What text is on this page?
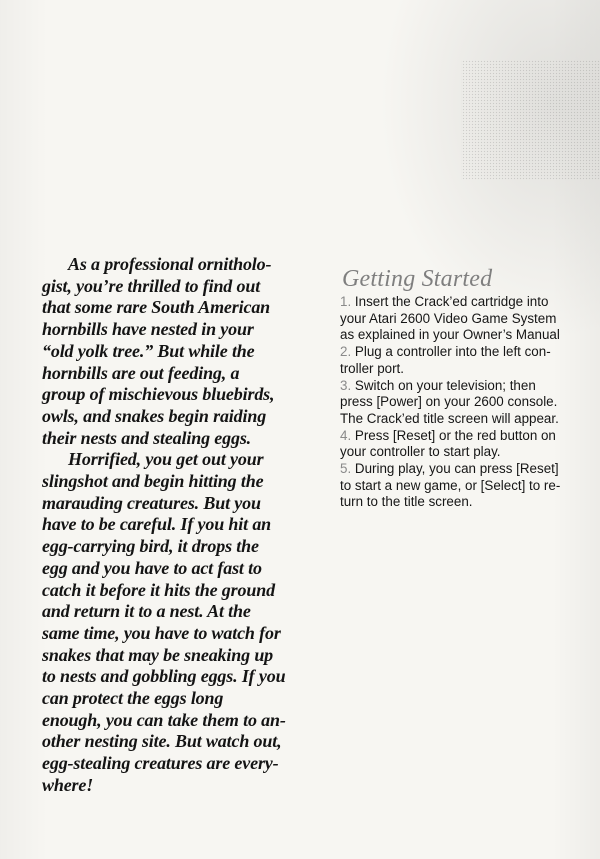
As a professional ornitholo-
gist, you’re thrilled to find out
that some rare South American
hornbills have nested in your
“old yolk tree.” But while the
hornbills are out feeding, a
group of mischievous bluebirds,
owls, and snakes begin raiding
their nests and stealing eggs.

Horrified, you get out your
slingshot and begin hitting the
marauding creatures. But you
have to be careful. If you hit an
egg-carrying bird, it drops the
egg and you have to act fast to
catch it before it hits the ground
and return it to a nest. At the
same time, you have to watch for
snakes that may be sneaking up
to nests and gobbling eggs. If you
can protect the eggs long
enough, you can take them to an-
other nesting site. But watch out,
egg-stealing creatures are every-
where!

Getting Started
1. Insert the Crack’ed cartridge into
your Atari 2600 Video Game System
as explained in your Owner’s Manual
2. Plug a controller into the left con-
troller port.
3. Switch on your television; then
press [Power] on your 2600 console.
The Crack’ed title screen will appear.
4. Press [Reset] or the red button on
your controller to start play.
5. During play, you can press [Reset]
to start a new game, or [Select] to re-
turn to the title screen.
